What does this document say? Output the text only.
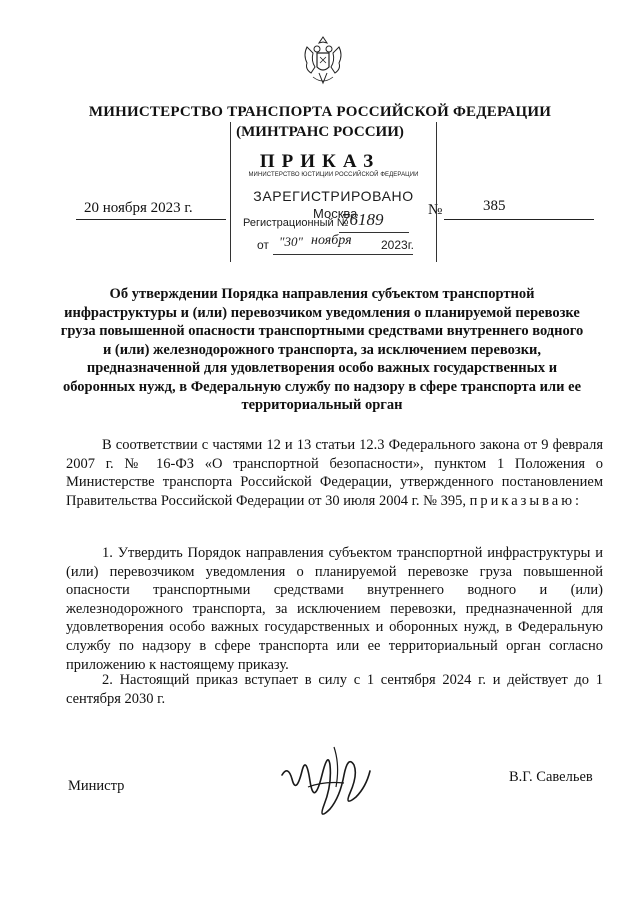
МИНИСТЕРСТВО ТРАНСПОРТА РОССИЙСКОЙ ФЕДЕРАЦИИ
(МИНТРАНС РОССИИ)
ПРИКАЗ
20 ноября 2023 г.	№	385
МИНИСТЕРСТВО ЮСТИЦИИ РОССИЙСКОЙ ФЕДЕРАЦИИ
ЗАРЕГИСТРИРОВАНО
Москва
Регистрационный №
76189
от "30" ноября 2023г.
Об утверждении Порядка направления субъектом транспортной инфраструктуры и (или) перевозчиком уведомления о планируемой перевозке груза повышенной опасности транспортными средствами внутреннего водного и (или) железнодорожного транспорта, за исключением перевозки, предназначенной для удовлетворения особо важных государственных и оборонных нужд, в Федеральную службу по надзору в сфере транспорта или ее территориальный орган

В соответствии с частями 12 и 13 статьи 12.3 Федерального закона от 9 февраля 2007 г. № 16-ФЗ «О транспортной безопасности», пунктом 1 Положения о Министерстве транспорта Российской Федерации, утвержденного постановлением Правительства Российской Федерации от 30 июля 2004 г. № 395, приказываю:

1. Утвердить Порядок направления субъектом транспортной инфраструктуры и (или) перевозчиком уведомления о планируемой перевозке груза повышенной опасности транспортными средствами внутреннего водного и (или) железнодорожного транспорта, за исключением перевозки, предназначенной для удовлетворения особо важных государственных и оборонных нужд, в Федеральную службу по надзору в сфере транспорта или ее территориальный орган согласно приложению к настоящему приказу.

2. Настоящий приказ вступает в силу с 1 сентября 2024 г. и действует до 1 сентября 2030 г.

Министр
В.Г. Савельев
